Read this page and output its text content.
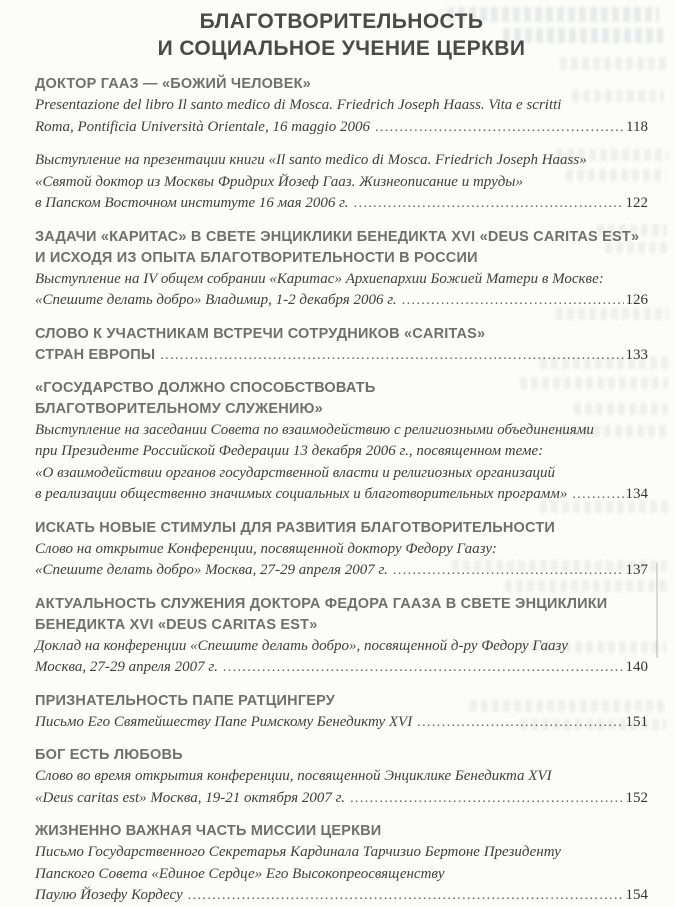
БЛАГОТВОРИТЕЛЬНОСТЬ
И СОЦИАЛЬНОЕ УЧЕНИЕ ЦЕРКВИ
ДОКТОР ГААЗ — «БОЖИЙ ЧЕЛОВЕК»
Presentazione del libro Il santo medico di Mosca. Friedrich Joseph Haass. Vita e scritti
Roma, Pontificia Università Orientale, 16 maggio 2006 .....	118
Выступление на презентации книги «Il santo medico di Mosca. Friedrich Joseph Haass»
«Святой доктор из Москвы Фридрих Йозеф Гааз. Жизнеописание и труды»
в Папском Восточном институте 16 мая 2006 г. .....	122
ЗАДАЧИ «КАРИТАС» В СВЕТЕ ЭНЦИКЛИКИ БЕНЕДИКТА XVI «DEUS CARITAS EST»
И ИСХОДЯ ИЗ ОПЫТА БЛАГОТВОРИТЕЛЬНОСТИ В РОССИИ
Выступление на IV общем собрании «Каритас» Архиепархии Божией Матери в Москве:
«Спешите делать добро» Владимир, 1-2 декабря 2006 г. .....	126
СЛОВО К УЧАСТНИКАМ ВСТРЕЧИ СОТРУДНИКОВ «CARITAS»
СТРАН ЕВРОПЫ .....	133
«ГОСУДАРСТВО ДОЛЖНО СПОСОБСТВОВАТЬ
БЛАГОТВОРИТЕЛЬНОМУ СЛУЖЕНИЮ»
Выступление на заседании Совета по взаимодействию с религиозными объединениями
при Президенте Российской Федерации 13 декабря 2006 г., посвященном теме:
«О взаимодействии органов государственной власти и религиозных организаций
в реализации общественно значимых социальных и благотворительных программ» .....	134
ИСКАТЬ НОВЫЕ СТИМУЛЫ ДЛЯ РАЗВИТИЯ БЛАГОТВОРИТЕЛЬНОСТИ
Слово на открытие Конференции, посвященной доктору Федору Гаазу:
«Спешите делать добро» Москва, 27-29 апреля 2007 г. .....	137
АКТУАЛЬНОСТЬ СЛУЖЕНИЯ ДОКТОРА ФЕДОРА ГААЗА В СВЕТЕ ЭНЦИКЛИКИ
БЕНЕДИКТА XVI «DEUS CARITAS EST»
Доклад на конференции «Спешите делать добро», посвященной д-ру Федору Гаазу
Москва, 27-29 апреля 2007 г. .....	140
ПРИЗНАТЕЛЬНОСТЬ ПАПЕ РАТЦИНГЕРУ
Письмо Его Святейшеству Папе Римскому Бенедикту XVI .....	151
БОГ ЕСТЬ ЛЮБОВЬ
Слово во время открытия конференции, посвященной Энциклике Бенедикта XVI
«Deus caritas est» Москва, 19-21 октября 2007 г. .....	152
ЖИЗНЕННО ВАЖНАЯ ЧАСТЬ МИССИИ ЦЕРКВИ
Письмо Государственного Секретарья Кардинала Тарчизио Бертоне Президенту
Папского Совета «Единое Сердце» Его Высокопреосвященству
Паулю Йозефу Кордесу .....	154
